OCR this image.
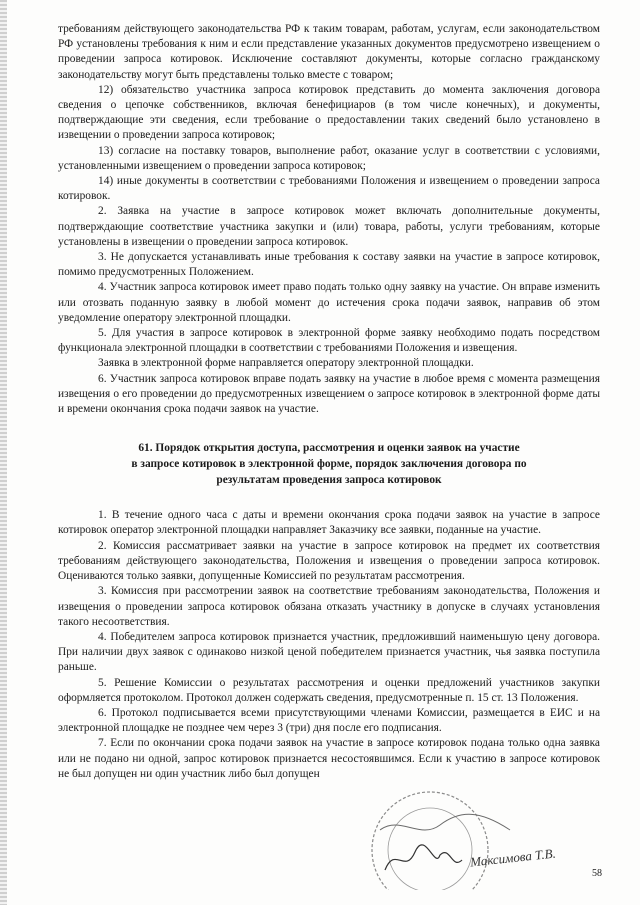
требованиям действующего законодательства РФ к таким товарам, работам, услугам, если законодательством РФ установлены требования к ним и если представление указанных документов предусмотрено извещением о проведении запроса котировок. Исключение составляют документы, которые согласно гражданскому законодательству могут быть представлены только вместе с товаром;

12) обязательство участника запроса котировок представить до момента заключения договора сведения о цепочке собственников, включая бенефициаров (в том числе конечных), и документы, подтверждающие эти сведения, если требование о предоставлении таких сведений было установлено в извещении о проведении запроса котировок;

13) согласие на поставку товаров, выполнение работ, оказание услуг в соответствии с условиями, установленными извещением о проведении запроса котировок;

14) иные документы в соответствии с требованиями Положения и извещением о проведении запроса котировок.

2. Заявка на участие в запросе котировок может включать дополнительные документы, подтверждающие соответствие участника закупки и (или) товара, работы, услуги требованиям, которые установлены в извещении о проведении запроса котировок.

3. Не допускается устанавливать иные требования к составу заявки на участие в запросе котировок, помимо предусмотренных Положением.

4. Участник запроса котировок имеет право подать только одну заявку на участие. Он вправе изменить или отозвать поданную заявку в любой момент до истечения срока подачи заявок, направив об этом уведомление оператору электронной площадки.

5. Для участия в запросе котировок в электронной форме заявку необходимо подать посредством функционала электронной площадки в соответствии с требованиями Положения и извещения.

Заявка в электронной форме направляется оператору электронной площадки.

6. Участник запроса котировок вправе подать заявку на участие в любое время с момента размещения извещения о его проведении до предусмотренных извещением о запросе котировок в электронной форме даты и времени окончания срока подачи заявок на участие.

61. Порядок открытия доступа, рассмотрения и оценки заявок на участие

в запросе котировок в электронной форме, порядок заключения договора по

результатам проведения запроса котировок

1. В течение одного часа с даты и времени окончания срока подачи заявок на участие в запросе котировок оператор электронной площадки направляет Заказчику все заявки, поданные на участие.

2. Комиссия рассматривает заявки на участие в запросе котировок на предмет их соответствия требованиям действующего законодательства, Положения и извещения о проведении запроса котировок. Оцениваются только заявки, допущенные Комиссией по результатам рассмотрения.

3. Комиссия при рассмотрении заявок на соответствие требованиям законодательства, Положения и извещения о проведении запроса котировок обязана отказать участнику в допуске в случаях установления такого несоответствия.

4. Победителем запроса котировок признается участник, предложивший наименьшую цену договора. При наличии двух заявок с одинаково низкой ценой победителем признается участник, чья заявка поступила раньше.

5. Решение Комиссии о результатах рассмотрения и оценки предложений участников закупки оформляется протоколом. Протокол должен содержать сведения, предусмотренные п. 15 ст. 13 Положения.

6. Протокол подписывается всеми присутствующими членами Комиссии, размещается в ЕИС и на электронной площадке не позднее чем через 3 (три) дня после его подписания.

7. Если по окончании срока подачи заявок на участие в запросе котировок подана только одна заявка или не подано ни одной, запрос котировок признается несостоявшимся. Если к участию в запросе котировок не был допущен ни один участник либо был допущен

Максимова Т.В.
58
